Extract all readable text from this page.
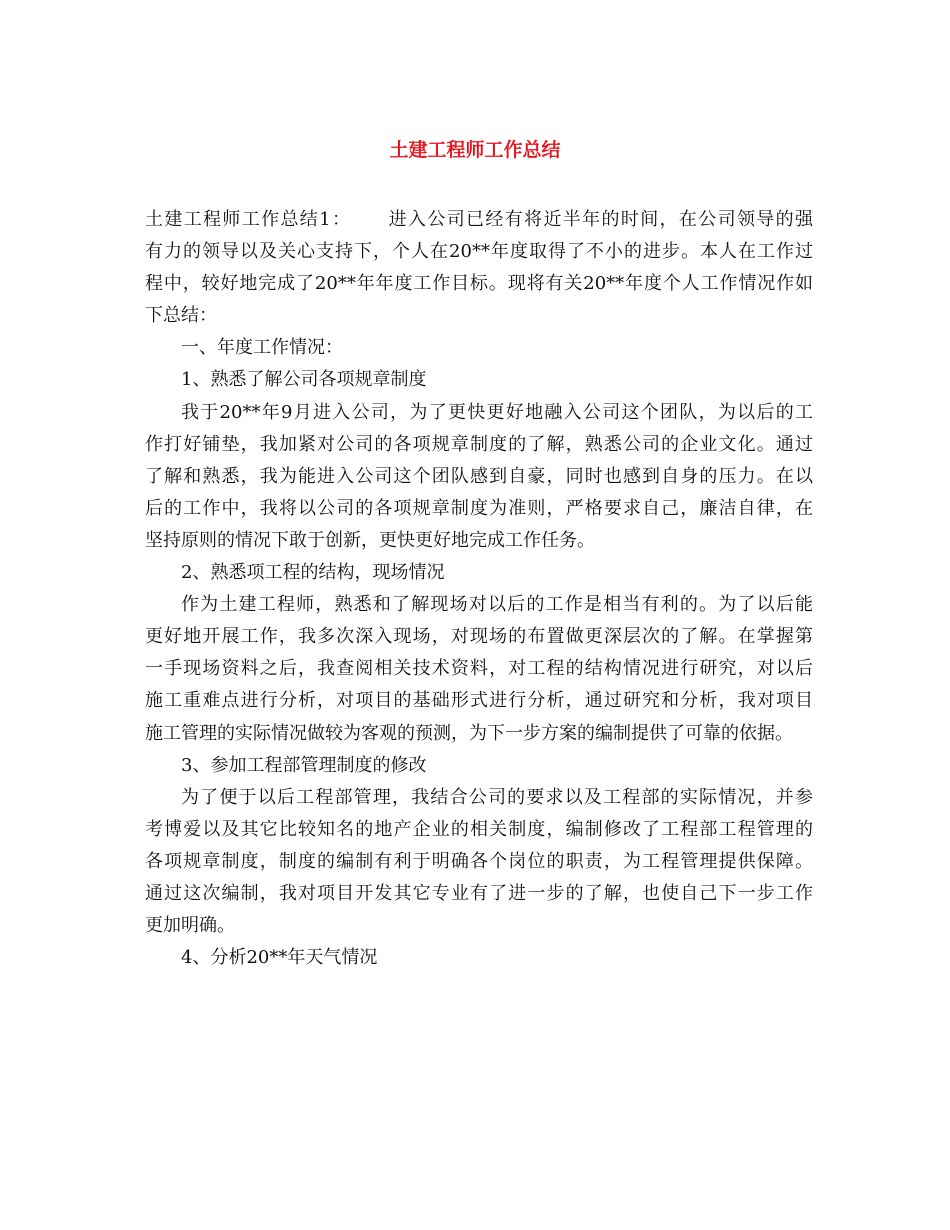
土建工程师工作总结
土建工程师工作总结1： 进入公司已经有将近半年的时间，在公司领导的强
有力的领导以及关心支持下，个人在20**年度取得了不小的进步。本人在工作过
程中，较好地完成了20**年年度工作目标。现将有关20**年度个人工作情况作如
下总结：
一、年度工作情况：
1、熟悉了解公司各项规章制度
我于20**年9月进入公司，为了更快更好地融入公司这个团队，为以后的工
作打好铺垫，我加紧对公司的各项规章制度的了解，熟悉公司的企业文化。通过
了解和熟悉，我为能进入公司这个团队感到自豪，同时也感到自身的压力。在以
后的工作中，我将以公司的各项规章制度为准则，严格要求自己，廉洁自律，在
坚持原则的情况下敢于创新，更快更好地完成工作任务。
2、熟悉项工程的结构，现场情况
作为土建工程师，熟悉和了解现场对以后的工作是相当有利的。为了以后能
更好地开展工作，我多次深入现场，对现场的布置做更深层次的了解。在掌握第
一手现场资料之后，我查阅相关技术资料，对工程的结构情况进行研究，对以后
施工重难点进行分析，对项目的基础形式进行分析，通过研究和分析，我对项目
施工管理的实际情况做较为客观的预测，为下一步方案的编制提供了可靠的依据。
3、参加工程部管理制度的修改
为了便于以后工程部管理，我结合公司的要求以及工程部的实际情况，并参
考博爱以及其它比较知名的地产企业的相关制度，编制修改了工程部工程管理的
各项规章制度，制度的编制有利于明确各个岗位的职责，为工程管理提供保障。
通过这次编制，我对项目开发其它专业有了进一步的了解，也使自己下一步工作
更加明确。
4、分析20**年天气情况
